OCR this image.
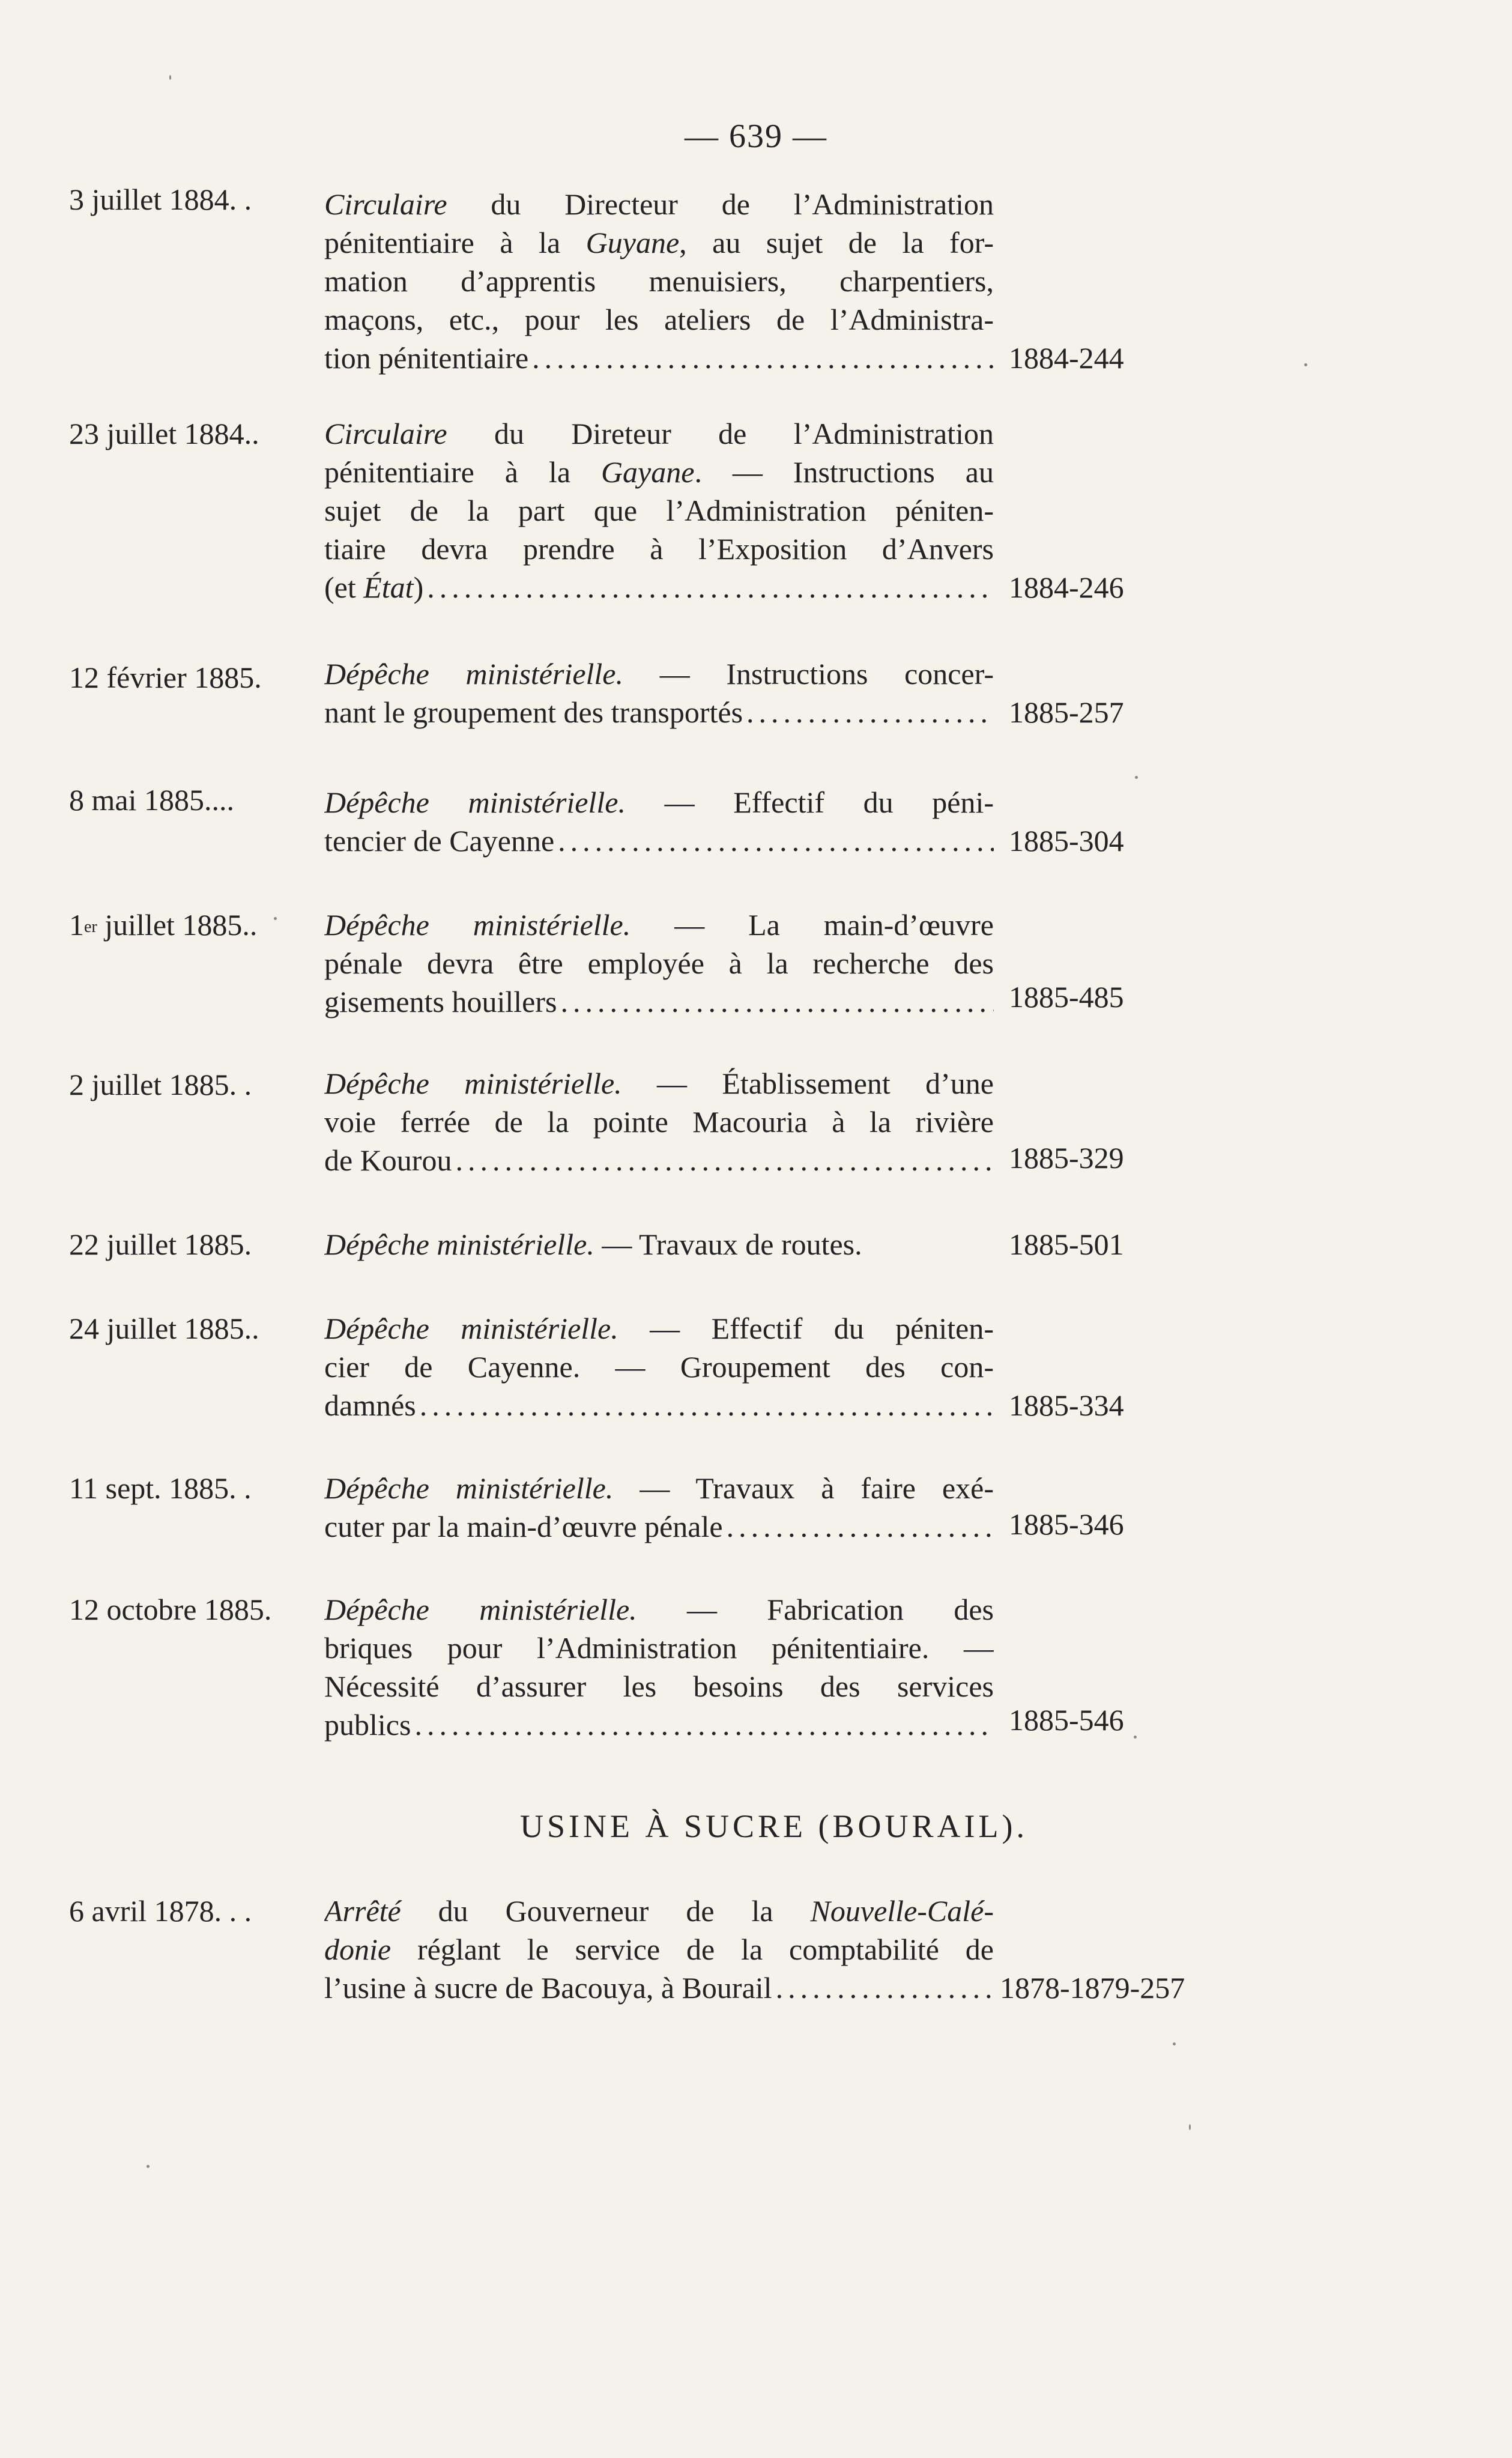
— 639 —
3 juillet 1884. .	Circulaire du Directeur de l’Administration
pénitentiaire à la Guyane, au sujet de la for-
mation d’apprentis menuisiers, charpentiers,
maçons, etc., pour les ateliers de l’Administra-
tion pénitentiaire .....	1884-244
23 juillet 1884..	Circulaire du Direteur de l’Administration
pénitentiaire à la Gayane. — Instructions au
sujet de la part que l’Administration péniten-
tiaire devra prendre à l’Exposition d’Anvers
(et État) .....	1884-246
12 février 1885.	Dépêche ministérielle. — Instructions concer-
nant le groupement des transportés .....	1885-257
8 mai 1885....	Dépêche ministérielle. — Effectif du péni-
tencier de Cayenne .....	1885-304
1er juillet 1885..	Dépêche ministérielle. — La main-d’œuvre
pénale devra être employée à la recherche des
gisements houillers .....	1885-485
2 juillet 1885. .	Dépêche ministérielle. — Établissement d’une
voie ferrée de la pointe Macouria à la rivière
de Kourou .....	1885-329
22 juillet 1885.	Dépêche ministérielle. — Travaux de routes.	1885-501
24 juillet 1885..	Dépêche ministérielle. — Effectif du péniten-
cier de Cayenne. — Groupement des con-
damnés .....	1885-334
11 sept. 1885. .	Dépêche ministérielle. — Travaux à faire exé-
cuter par la main-d’œuvre pénale .....	1885-346
12 octobre 1885.	Dépêche ministérielle. — Fabrication des
briques pour l’Administration pénitentiaire. —
Nécessité d’assurer les besoins des services
publics .....	1885-546
USINE À SUCRE (BOURAIL).
6 avril 1878. . .	Arrêté du Gouverneur de la Nouvelle-Calé-
donie réglant le service de la comptabilité de
l’usine à sucre de Bacouya, à Bourail .....	1878-1879-257
